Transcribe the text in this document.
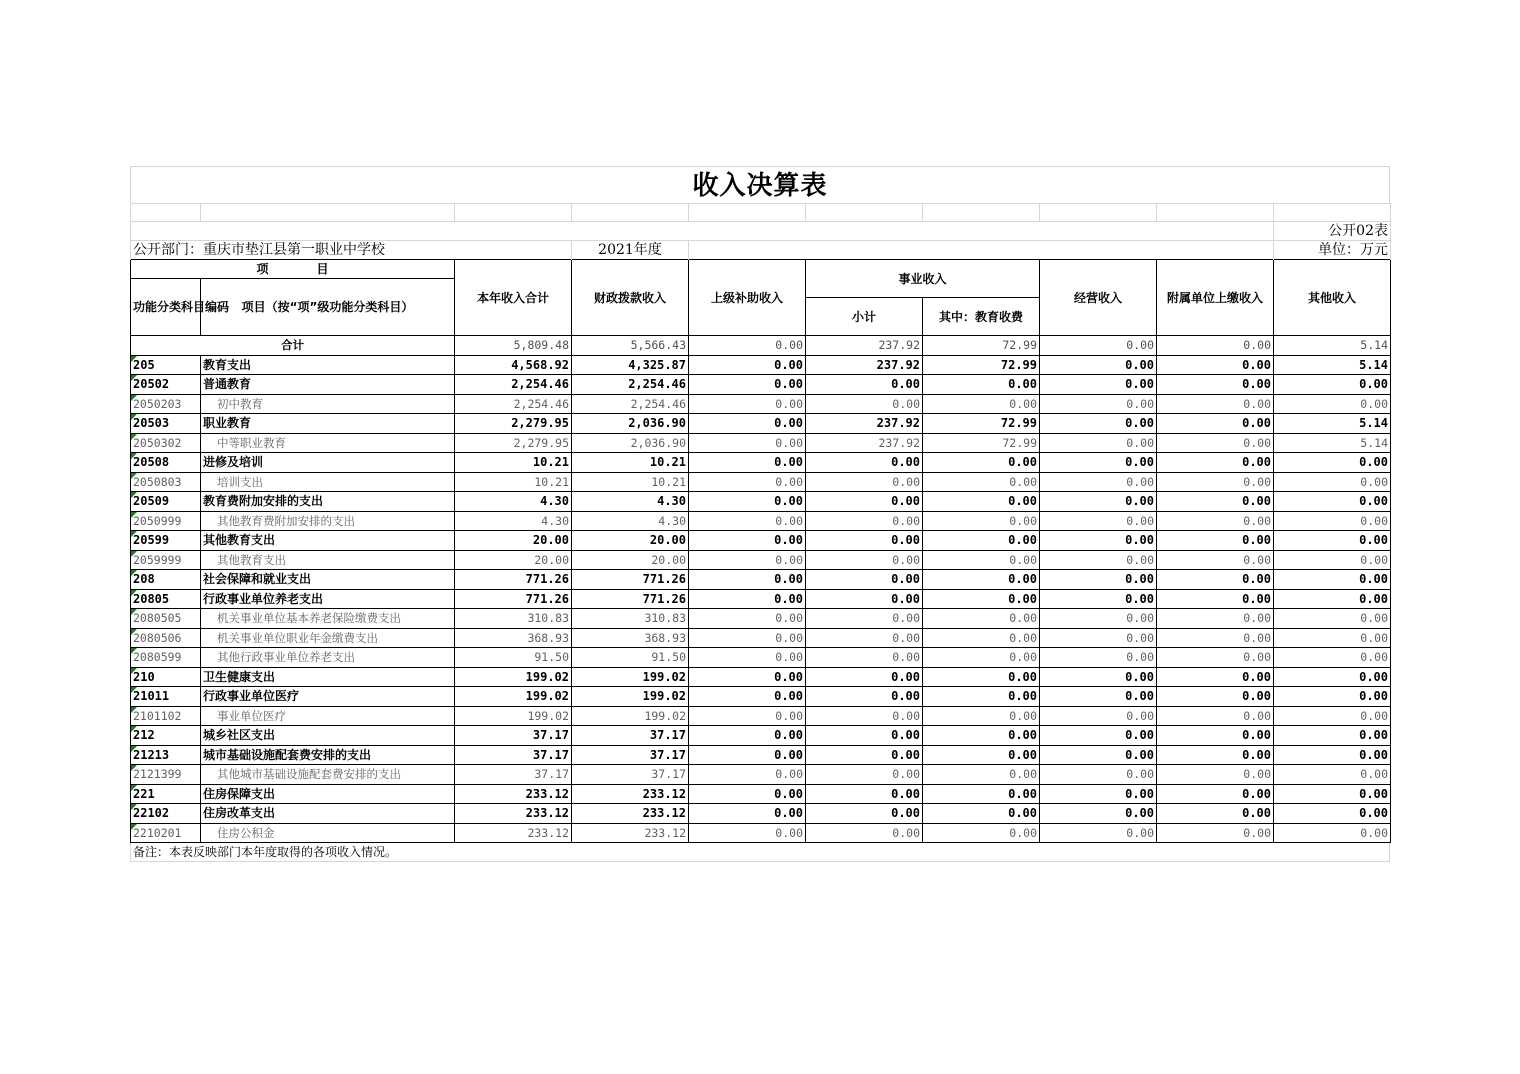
收入决算表

									公开02表
公开部门：重庆市垫江县第一职业中学校			2021年度						单位：万元
项　　　　目		本年收入合计	财政拨款收入	上级补助收入	事业收入		经营收入	附属单位上缴收入	其他收入
功能分类科目编码	项目（按“项”级功能分类科目）								
					小计	其中：教育收费			
合计		5,809.48	5,566.43	0.00	237.92	72.99	0.00	0.00	5.14

205	教育支出	4,568.92	4,325.87	0.00	237.92	72.99	0.00	0.00	5.14

20502	普通教育	2,254.46	2,254.46	0.00	0.00	0.00	0.00	0.00	0.00

2050203	初中教育	2,254.46	2,254.46	0.00	0.00	0.00	0.00	0.00	0.00

20503	职业教育	2,279.95	2,036.90	0.00	237.92	72.99	0.00	0.00	5.14

2050302	中等职业教育	2,279.95	2,036.90	0.00	237.92	72.99	0.00	0.00	5.14

20508	进修及培训	10.21	10.21	0.00	0.00	0.00	0.00	0.00	0.00

2050803	培训支出	10.21	10.21	0.00	0.00	0.00	0.00	0.00	0.00

20509	教育费附加安排的支出	4.30	4.30	0.00	0.00	0.00	0.00	0.00	0.00

2050999	其他教育费附加安排的支出	4.30	4.30	0.00	0.00	0.00	0.00	0.00	0.00

20599	其他教育支出	20.00	20.00	0.00	0.00	0.00	0.00	0.00	0.00

2059999	其他教育支出	20.00	20.00	0.00	0.00	0.00	0.00	0.00	0.00

208	社会保障和就业支出	771.26	771.26	0.00	0.00	0.00	0.00	0.00	0.00

20805	行政事业单位养老支出	771.26	771.26	0.00	0.00	0.00	0.00	0.00	0.00

2080505	机关事业单位基本养老保险缴费支出	310.83	310.83	0.00	0.00	0.00	0.00	0.00	0.00

2080506	机关事业单位职业年金缴费支出	368.93	368.93	0.00	0.00	0.00	0.00	0.00	0.00

2080599	其他行政事业单位养老支出	91.50	91.50	0.00	0.00	0.00	0.00	0.00	0.00

210	卫生健康支出	199.02	199.02	0.00	0.00	0.00	0.00	0.00	0.00

21011	行政事业单位医疗	199.02	199.02	0.00	0.00	0.00	0.00	0.00	0.00

2101102	事业单位医疗	199.02	199.02	0.00	0.00	0.00	0.00	0.00	0.00

212	城乡社区支出	37.17	37.17	0.00	0.00	0.00	0.00	0.00	0.00

21213	城市基础设施配套费安排的支出	37.17	37.17	0.00	0.00	0.00	0.00	0.00	0.00

2121399	其他城市基础设施配套费安排的支出	37.17	37.17	0.00	0.00	0.00	0.00	0.00	0.00

221	住房保障支出	233.12	233.12	0.00	0.00	0.00	0.00	0.00	0.00

22102	住房改革支出	233.12	233.12	0.00	0.00	0.00	0.00	0.00	0.00

2210201	住房公积金	233.12	233.12	0.00	0.00	0.00	0.00	0.00	0.00
备注：本表反映部门本年度取得的各项收入情况。
